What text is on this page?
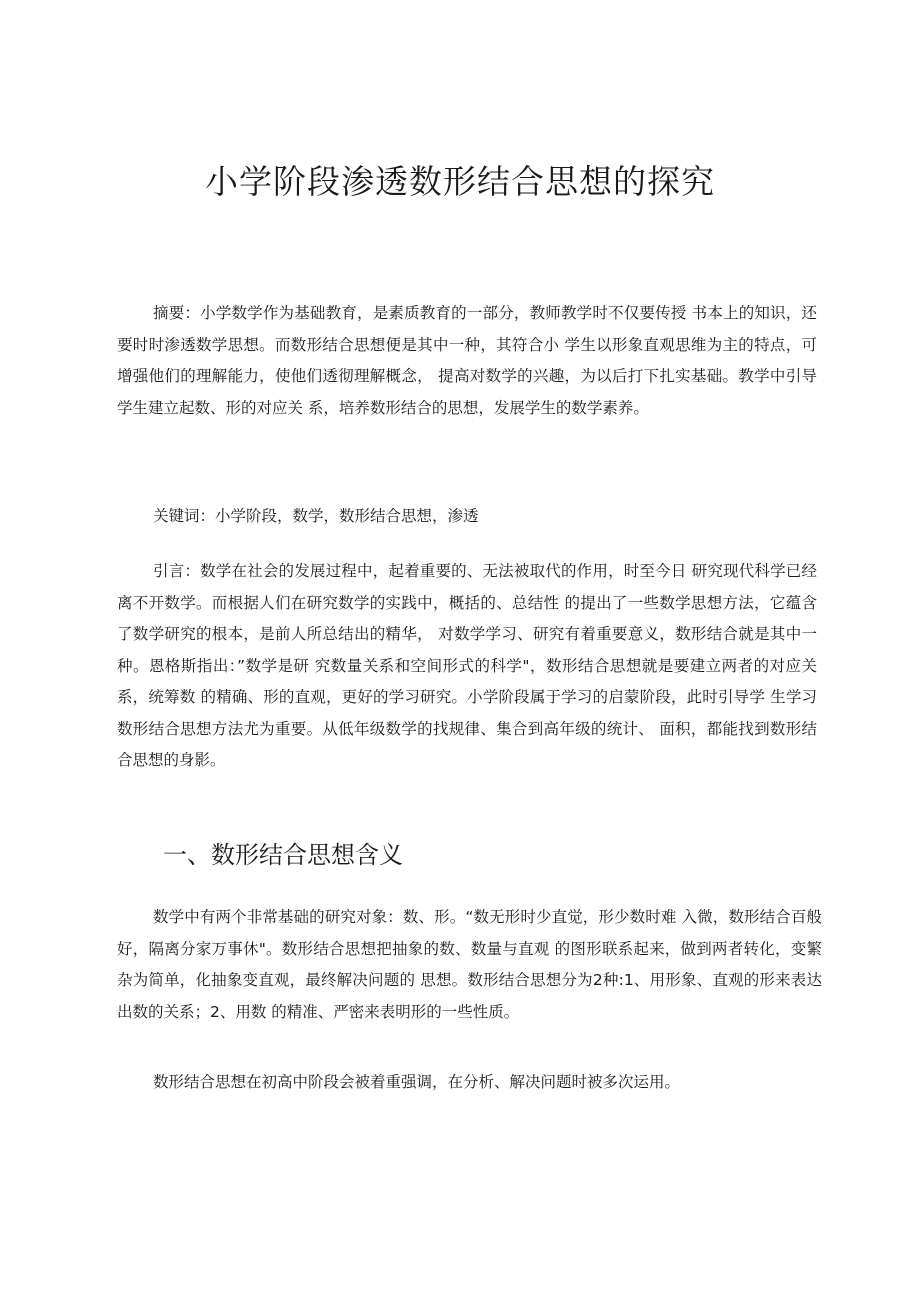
小学阶段渗透数形结合思想的探究

摘要：小学数学作为基础教育，是素质教育的一部分，教师教学时不仅要传授 书本上的知识，还要时时渗透数学思想。而数形结合思想便是其中一种，其符合小 学生以形象直观思维为主的特点，可增强他们的理解能力，使他们透彻理解概念， 提高对数学的兴趣，为以后打下扎实基础。教学中引导学生建立起数、形的对应关 系，培养数形结合的思想，发展学生的数学素养。

关键词：小学阶段，数学，数形结合思想，渗透

引言：数学在社会的发展过程中，起着重要的、无法被取代的作用，时至今日 研究现代科学已经离不开数学。而根据人们在研究数学的实践中，概括的、总结性 的提出了一些数学思想方法，它蕴含了数学研究的根本，是前人所总结出的精华， 对数学学习、研究有着重要意义，数形结合就是其中一种。恩格斯指出：”数学是研 究数量关系和空间形式的科学"，数形结合思想就是要建立两者的对应关系，统筹数 的精确、形的直观，更好的学习研究。小学阶段属于学习的启蒙阶段，此时引导学 生学习数形结合思想方法尤为重要。从低年级数学的找规律、集合到高年级的统计、 面积，都能找到数形结合思想的身影。

一、数形结合思想含义

数学中有两个非常基础的研究对象：数、形。“数无形时少直觉，形少数时难 入微，数形结合百般好，隔离分家万事休"。数形结合思想把抽象的数、数量与直观 的图形联系起来，做到两者转化，变繁杂为简单，化抽象变直观，最终解决问题的 思想。数形结合思想分为2种:1、用形象、直观的形来表达出数的关系；2、用数 的精准、严密来表明形的一些性质。

数形结合思想在初高中阶段会被着重强调，在分析、解决问题时被多次运用。
